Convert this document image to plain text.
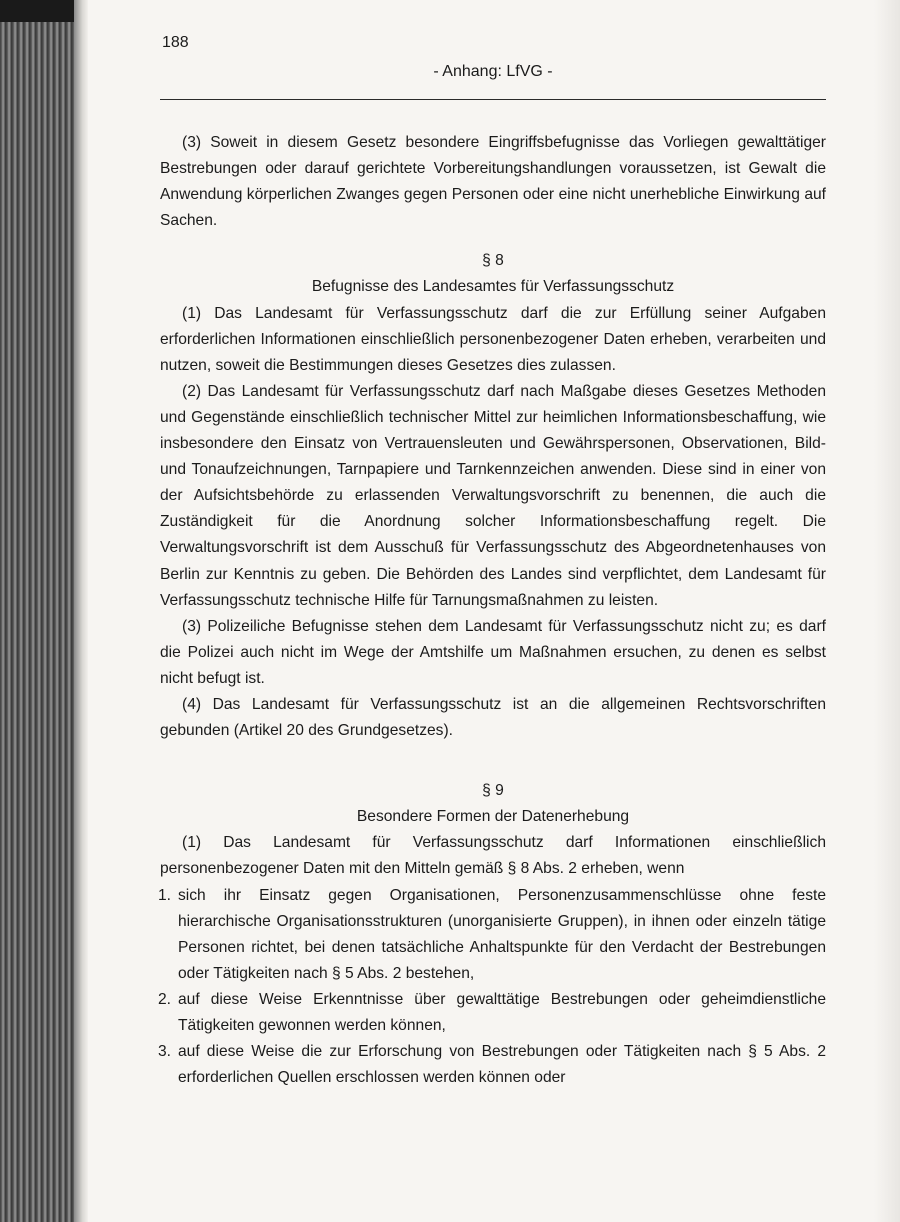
188
- Anhang: LfVG -

(3) Soweit in diesem Gesetz besondere Eingriffsbefugnisse das Vorliegen gewalttätiger Bestrebungen oder darauf gerichtete Vorbereitungshandlungen voraussetzen, ist Gewalt die Anwendung körperlichen Zwanges gegen Personen oder eine nicht unerhebliche Einwirkung auf Sachen.

§ 8
Befugnisse des Landesamtes für Verfassungsschutz

(1) Das Landesamt für Verfassungsschutz darf die zur Erfüllung seiner Aufgaben erforderlichen Informationen einschließlich personenbezogener Daten erheben, verarbeiten und nutzen, soweit die Bestimmungen dieses Gesetzes dies zulassen.

(2) Das Landesamt für Verfassungsschutz darf nach Maßgabe dieses Gesetzes Methoden und Gegenstände einschließlich technischer Mittel zur heimlichen Informationsbeschaffung, wie insbesondere den Einsatz von Vertrauensleuten und Gewährspersonen, Observationen, Bild- und Tonaufzeichnungen, Tarnpapiere und Tarnkennzeichen anwenden. Diese sind in einer von der Aufsichtsbehörde zu erlassenden Verwaltungsvorschrift zu benennen, die auch die Zuständigkeit für die Anordnung solcher Informationsbeschaffung regelt. Die Verwaltungsvorschrift ist dem Ausschuß für Verfassungsschutz des Abgeordnetenhauses von Berlin zur Kenntnis zu geben. Die Behörden des Landes sind verpflichtet, dem Landesamt für Verfassungsschutz technische Hilfe für Tarnungsmaßnahmen zu leisten.

(3) Polizeiliche Befugnisse stehen dem Landesamt für Verfassungsschutz nicht zu; es darf die Polizei auch nicht im Wege der Amtshilfe um Maßnahmen ersuchen, zu denen es selbst nicht befugt ist.

(4) Das Landesamt für Verfassungsschutz ist an die allgemeinen Rechtsvorschriften gebunden (Artikel 20 des Grundgesetzes).

§ 9
Besondere Formen der Datenerhebung

(1) Das Landesamt für Verfassungsschutz darf Informationen einschließlich personenbezogener Daten mit den Mitteln gemäß § 8 Abs. 2 erheben, wenn

1. sich ihr Einsatz gegen Organisationen, Personenzusammenschlüsse ohne feste hierarchische Organisationsstrukturen (unorganisierte Gruppen), in ihnen oder einzeln tätige Personen richtet, bei denen tatsächliche Anhaltspunkte für den Verdacht der Bestrebungen oder Tätigkeiten nach § 5 Abs. 2 bestehen,
2. auf diese Weise Erkenntnisse über gewalttätige Bestrebungen oder geheimdienstliche Tätigkeiten gewonnen werden können,
3. auf diese Weise die zur Erforschung von Bestrebungen oder Tätigkeiten nach § 5 Abs. 2 erforderlichen Quellen erschlossen werden können oder
